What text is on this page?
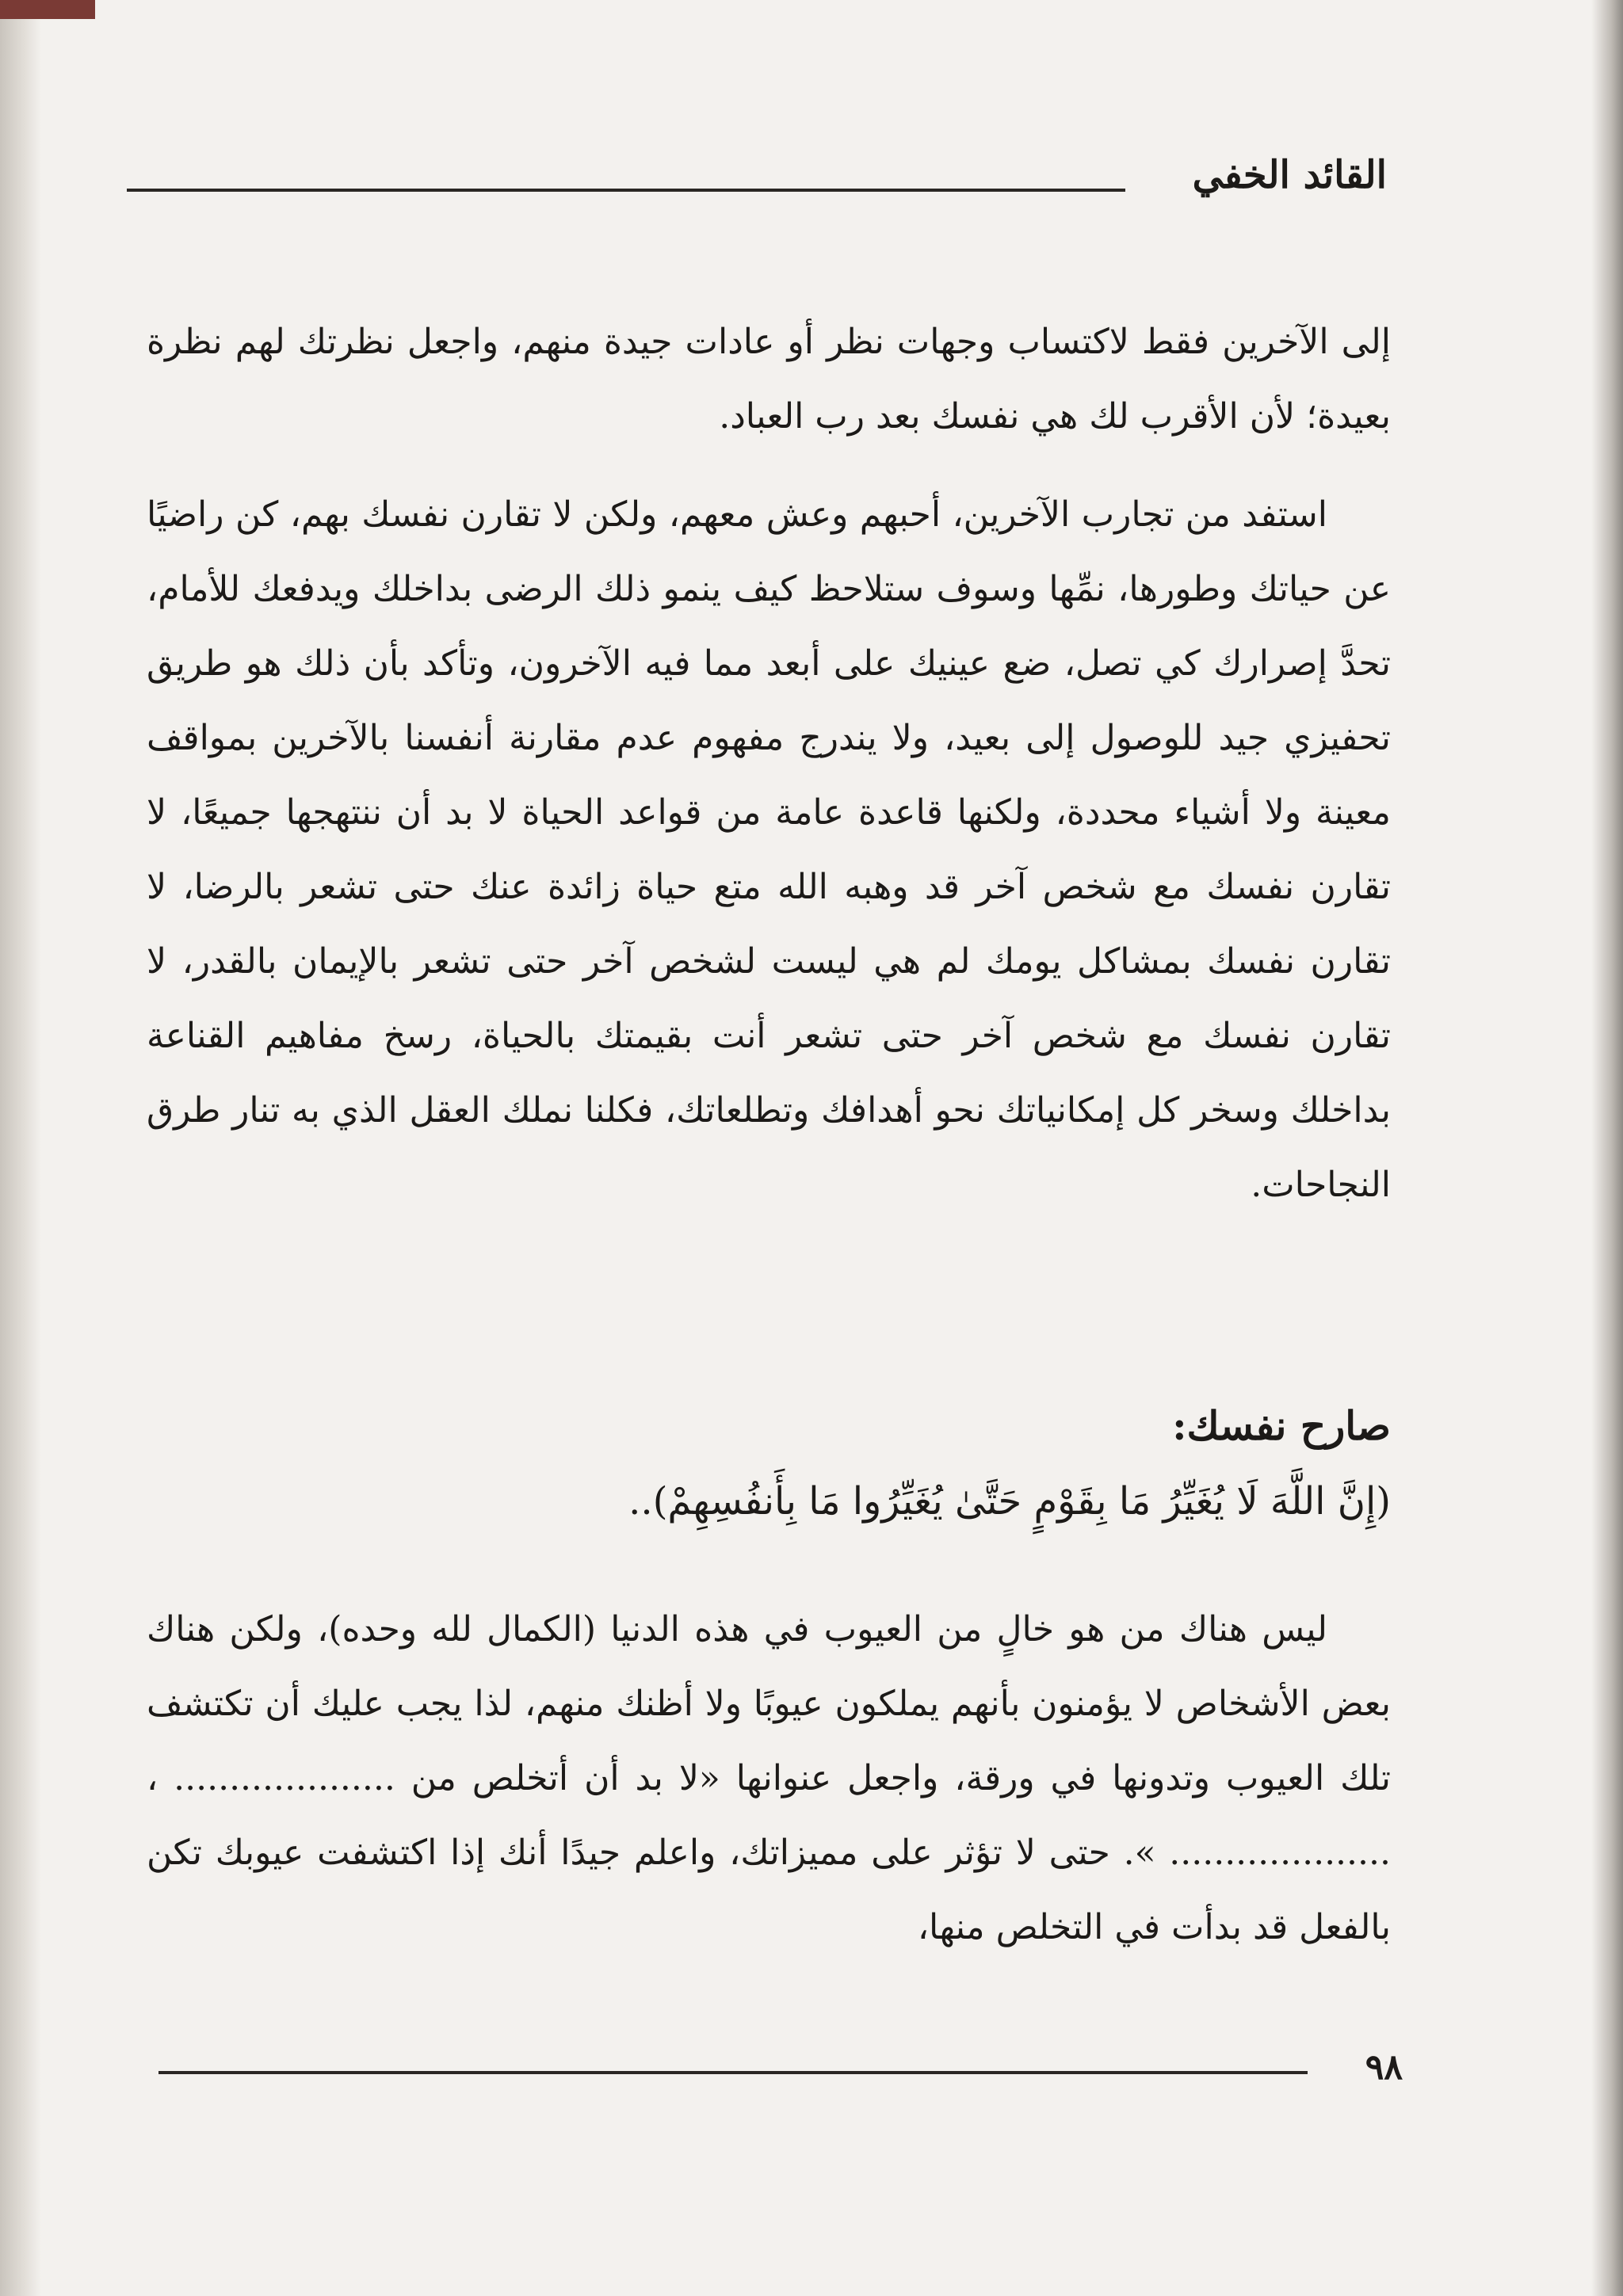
القائد الخفي

إلى الآخرين فقط لاكتساب وجهات نظر أو عادات جيدة منهم، واجعل نظرتك لهم نظرة بعيدة؛ لأن الأقرب لك هي نفسك بعد رب العباد.

استفد من تجارب الآخرين، أحبهم وعش معهم، ولكن لا تقارن نفسك بهم، كن راضيًا عن حياتك وطورها، نمِّها وسوف ستلاحظ كيف ينمو ذلك الرضى بداخلك ويدفعك للأمام، تحدَّ إصرارك كي تصل، ضع عينيك على أبعد مما فيه الآخرون، وتأكد بأن ذلك هو طريق تحفيزي جيد للوصول إلى بعيد، ولا يندرج مفهوم عدم مقارنة أنفسنا بالآخرين بمواقف معينة ولا أشياء محددة، ولكنها قاعدة عامة من قواعد الحياة لا بد أن ننتهجها جميعًا، لا تقارن نفسك مع شخص آخر قد وهبه الله متع حياة زائدة عنك حتى تشعر بالرضا، لا تقارن نفسك بمشاكل يومك لم هي ليست لشخص آخر حتى تشعر بالإيمان بالقدر، لا تقارن نفسك مع شخص آخر حتى تشعر أنت بقيمتك بالحياة، رسخ مفاهيم القناعة بداخلك وسخر كل إمكانياتك نحو أهدافك وتطلعاتك، فكلنا نملك العقل الذي به تنار طرق النجاحات.

صارح نفسك:
(إِنَّ اللَّهَ لَا يُغَيِّرُ مَا بِقَوْمٍ حَتَّىٰ يُغَيِّرُوا مَا بِأَنفُسِهِمْ)..

ليس هناك من هو خالٍ من العيوب في هذه الدنيا (الكمال لله وحده)، ولكن هناك بعض الأشخاص لا يؤمنون بأنهم يملكون عيوبًا ولا أظنك منهم، لذا يجب عليك أن تكتشف تلك العيوب وتدونها في ورقة، واجعل عنوانها «لا بد أن أتخلص من .................... ، .................... ». حتى لا تؤثر على مميزاتك، واعلم جيدًا أنك إذا اكتشفت عيوبك تكن بالفعل قد بدأت في التخلص منها،

٩٨
